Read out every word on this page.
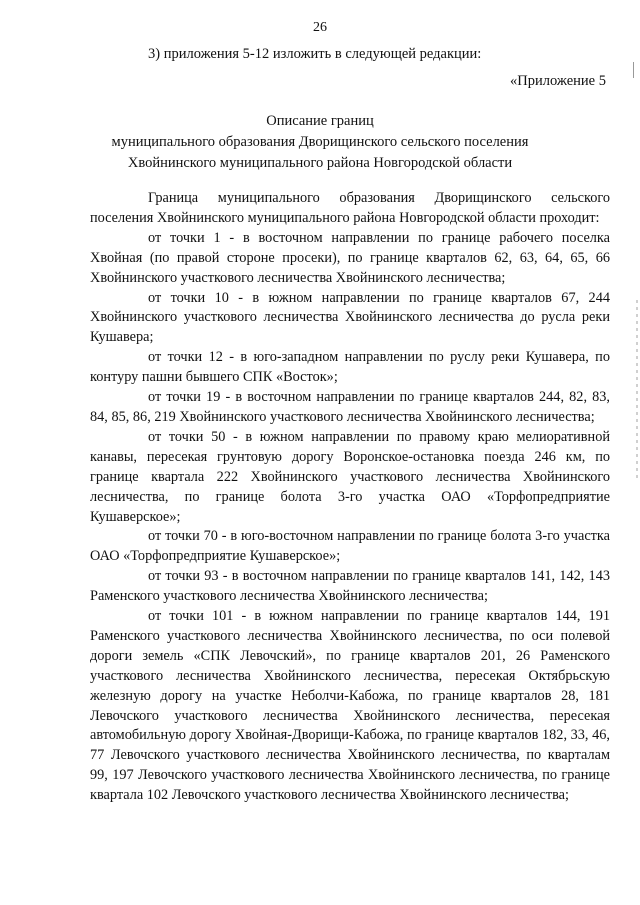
26
3) приложения 5-12 изложить в следующей редакции:
«Приложение 5
Описание границ
муниципального образования Дворищинского сельского поселения
Хвойнинского муниципального района Новгородской области

Граница муниципального образования Дворищинского сельского поселения Хвойнинского муниципального района Новгородской области проходит:

от точки 1 - в восточном направлении по границе рабочего поселка Хвойная (по правой стороне просеки), по границе кварталов 62, 63, 64, 65, 66 Хвойнинского участкового лесничества Хвойнинского лесничества;

от точки 10 - в южном направлении по границе кварталов 67, 244 Хвойнинского участкового лесничества Хвойнинского лесничества до русла реки Кушавера;

от точки 12 - в юго-западном направлении по руслу реки Кушавера, по контуру пашни бывшего СПК «Восток»;

от точки 19 - в восточном направлении по границе кварталов 244, 82, 83, 84, 85, 86, 219 Хвойнинского участкового лесничества Хвойнинского лесничества;

от точки 50 - в южном направлении по правому краю мелиоративной канавы, пересекая грунтовую дорогу Воронское-остановка поезда 246 км, по границе квартала 222 Хвойнинского участкового лесничества Хвойнинского лесничества, по границе болота 3-го участка ОАО «Торфопредприятие Кушаверское»;

от точки 70 - в юго-восточном направлении по границе болота 3-го участка ОАО «Торфопредприятие Кушаверское»;

от точки 93 - в восточном направлении по границе кварталов 141, 142, 143 Раменского участкового лесничества Хвойнинского лесничества;

от точки 101 - в южном направлении по границе кварталов 144, 191 Раменского участкового лесничества Хвойнинского лесничества, по оси полевой дороги земель «СПК Левочский», по границе кварталов 201, 26 Раменского участкового лесничества Хвойнинского лесничества, пересекая Октябрьскую железную дорогу на участке Неболчи-Кабожа, по границе кварталов 28, 181 Левочского участкового лесничества Хвойнинского лесничества, пересекая автомобильную дорогу Хвойная-Дворищи-Кабожа, по границе кварталов 182, 33, 46, 77 Левочского участкового лесничества Хвойнинского лесничества, по кварталам 99, 197 Левочского участкового лесничества Хвойнинского лесничества, по границе квартала 102 Левочского участкового лесничества Хвойнинского лесничества;
